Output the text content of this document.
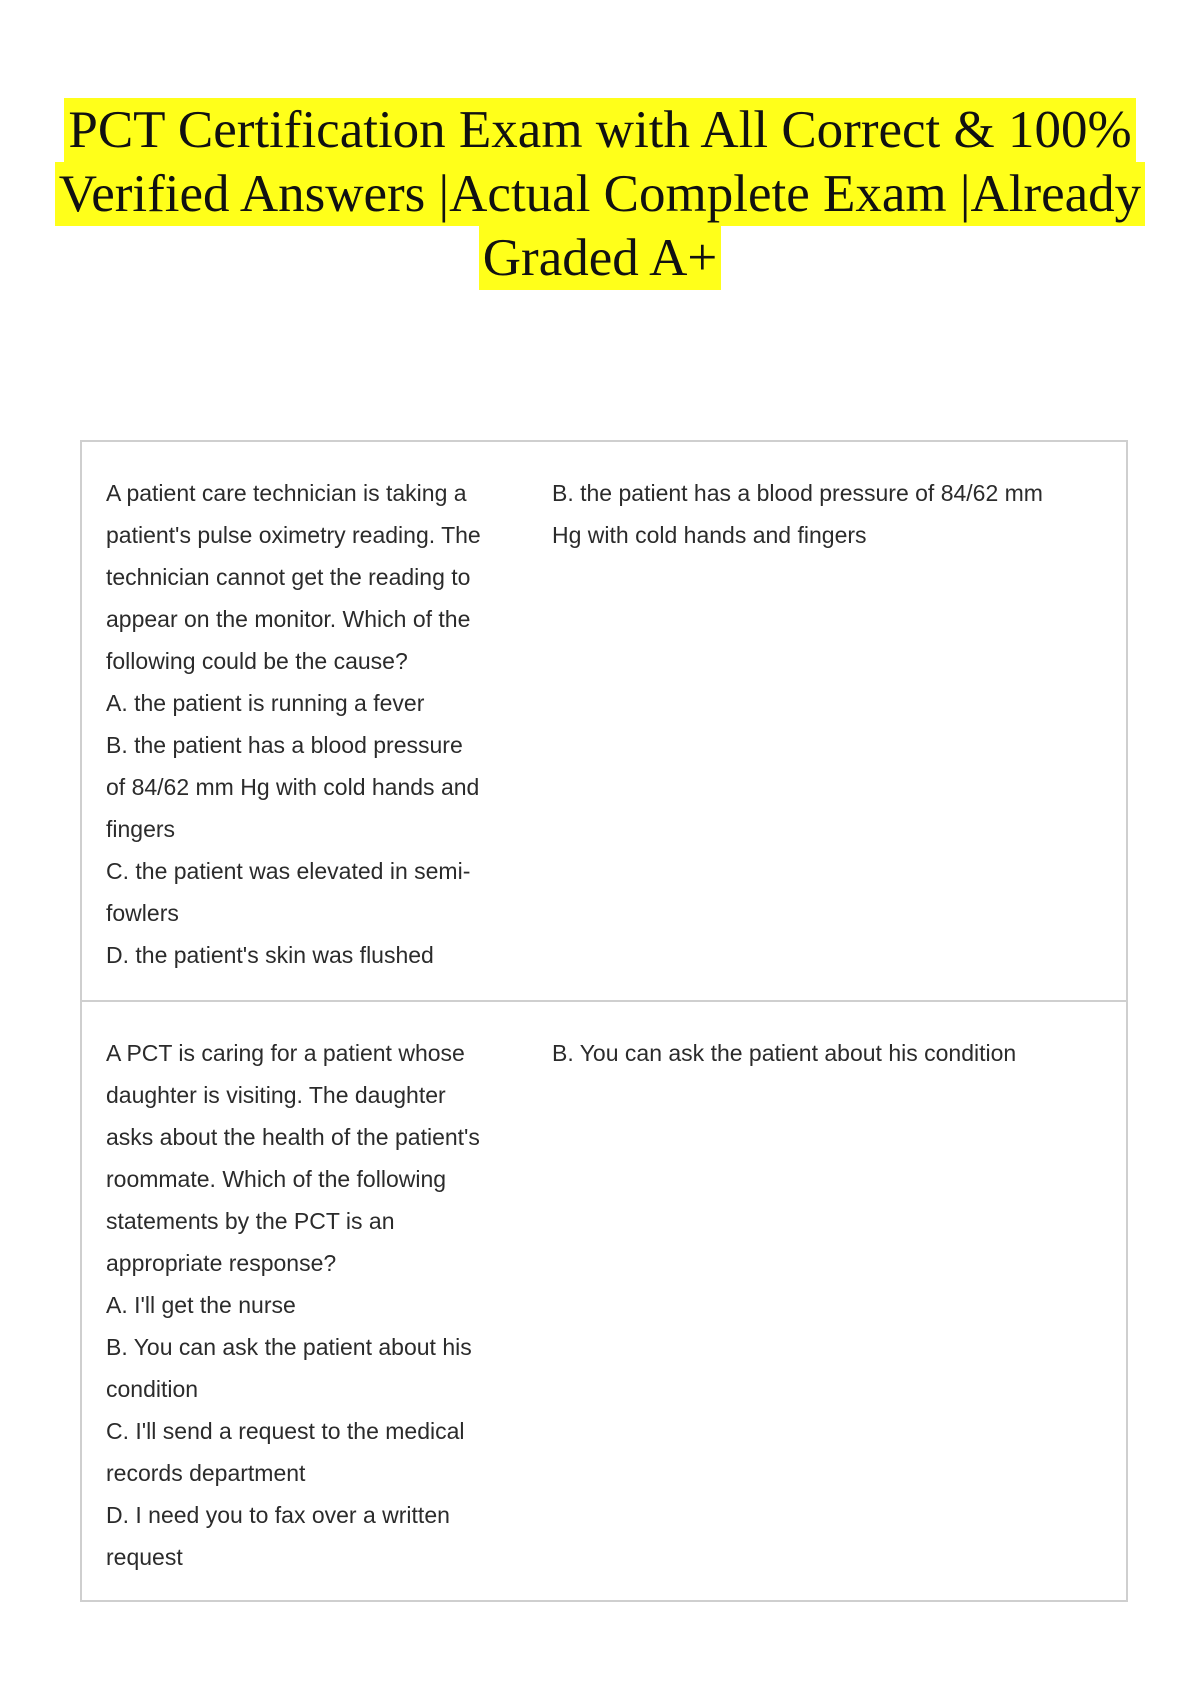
PCT Certification Exam with All Correct & 100%
Verified Answers |Actual Complete Exam |Already
Graded A+
A patient care technician is taking a
patient's pulse oximetry reading. The
technician cannot get the reading to
appear on the monitor. Which of the
following could be the cause?
A. the patient is running a fever
B. the patient has a blood pressure
of 84/62 mm Hg with cold hands and
fingers
C. the patient was elevated in semi-
fowlers
D. the patient's skin was flushed
B. the patient has a blood pressure of 84/62 mm
Hg with cold hands and fingers
A PCT is caring for a patient whose
daughter is visiting. The daughter
asks about the health of the patient's
roommate. Which of the following
statements by the PCT is an
appropriate response?
A. I'll get the nurse
B. You can ask the patient about his
condition
C. I'll send a request to the medical
records department
D. I need you to fax over a written
request
B. You can ask the patient about his condition
